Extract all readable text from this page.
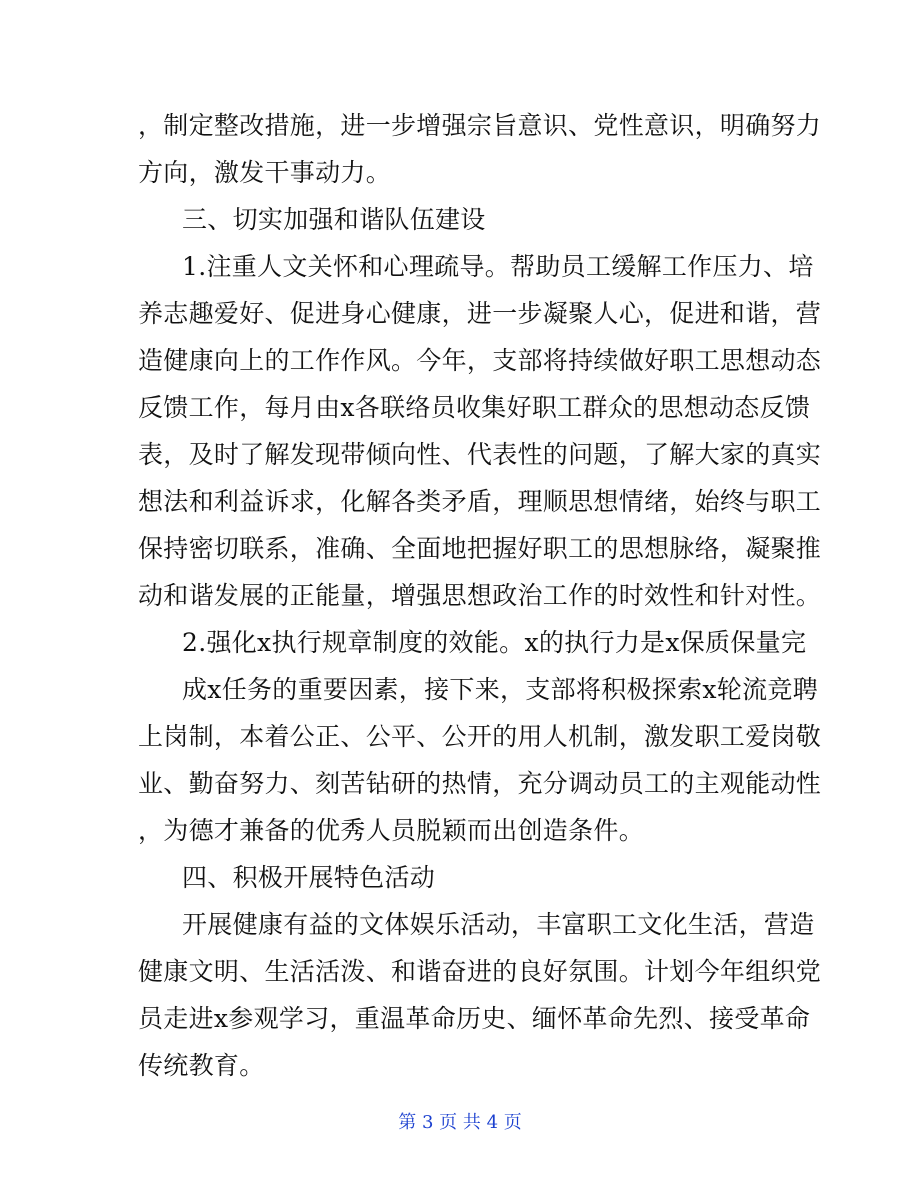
，制定整改措施，进一步增强宗旨意识、党性意识，明确努力
方向，激发干事动力。
三、切实加强和谐队伍建设
1.注重人文关怀和心理疏导。帮助员工缓解工作压力、培
养志趣爱好、促进身心健康，进一步凝聚人心，促进和谐，营
造健康向上的工作作风。今年，支部将持续做好职工思想动态
反馈工作，每月由x各联络员收集好职工群众的思想动态反馈
表，及时了解发现带倾向性、代表性的问题，了解大家的真实
想法和利益诉求，化解各类矛盾，理顺思想情绪，始终与职工
保持密切联系，准确、全面地把握好职工的思想脉络，凝聚推
动和谐发展的正能量，增强思想政治工作的时效性和针对性。
2.强化x执行规章制度的效能。x的执行力是x保质保量完
成x任务的重要因素，接下来，支部将积极探索x轮流竞聘
上岗制，本着公正、公平、公开的用人机制，激发职工爱岗敬
业、勤奋努力、刻苦钻研的热情，充分调动员工的主观能动性
，为德才兼备的优秀人员脱颖而出创造条件。
四、积极开展特色活动
开展健康有益的文体娱乐活动，丰富职工文化生活，营造
健康文明、生活活泼、和谐奋进的良好氛围。计划今年组织党
员走进x参观学习，重温革命历史、缅怀革命先烈、接受革命
传统教育。
第 3 页 共 4 页
